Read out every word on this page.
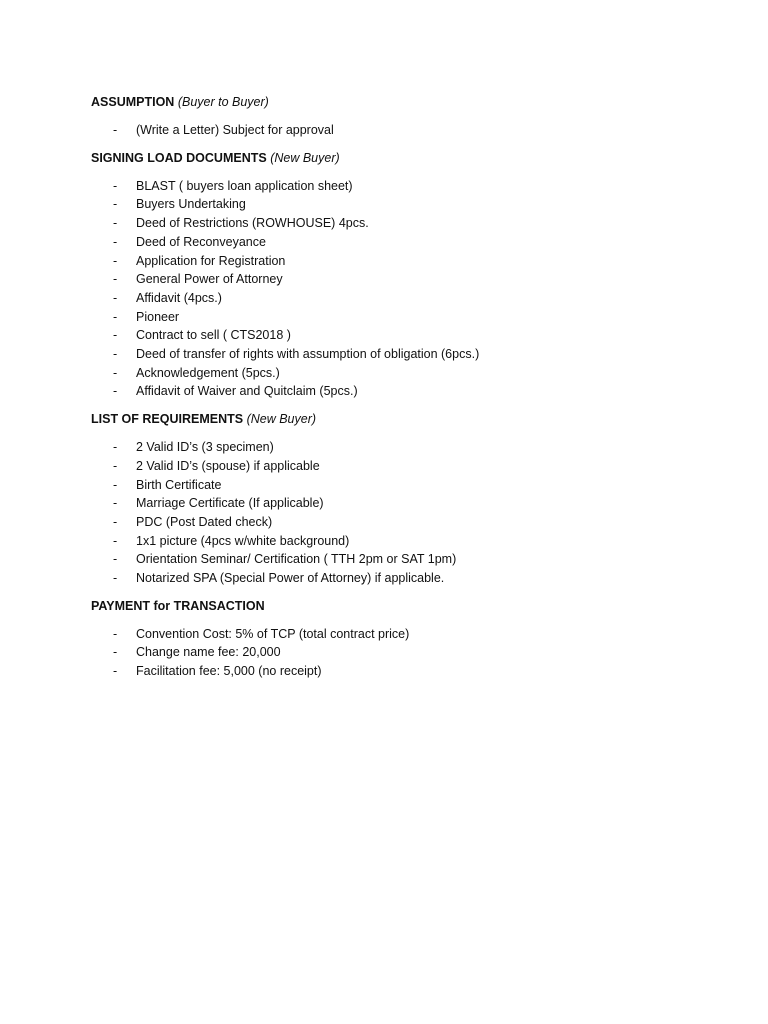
ASSUMPTION (Buyer to Buyer)

- (Write a Letter) Subject for approval

SIGNING LOAD DOCUMENTS (New Buyer)

- BLAST ( buyers loan application sheet)
- Buyers Undertaking
- Deed of Restrictions (ROWHOUSE) 4pcs.
- Deed of Reconveyance
- Application for Registration
- General Power of Attorney
- Affidavit (4pcs.)
- Pioneer
- Contract to sell ( CTS2018 )
- Deed of transfer of rights with assumption of obligation (6pcs.)
- Acknowledgement (5pcs.)
- Affidavit of Waiver and Quitclaim (5pcs.)

LIST OF REQUIREMENTS (New Buyer)

- 2 Valid ID’s (3 specimen)
- 2 Valid ID’s (spouse) if applicable
- Birth Certificate
- Marriage Certificate (If applicable)
- PDC (Post Dated check)
- 1x1 picture (4pcs w/white background)
- Orientation Seminar/ Certification ( TTH 2pm or SAT 1pm)
- Notarized SPA (Special Power of Attorney) if applicable.

PAYMENT for TRANSACTION

- Convention Cost: 5% of TCP (total contract price)
- Change name fee: 20,000
- Facilitation fee: 5,000 (no receipt)
